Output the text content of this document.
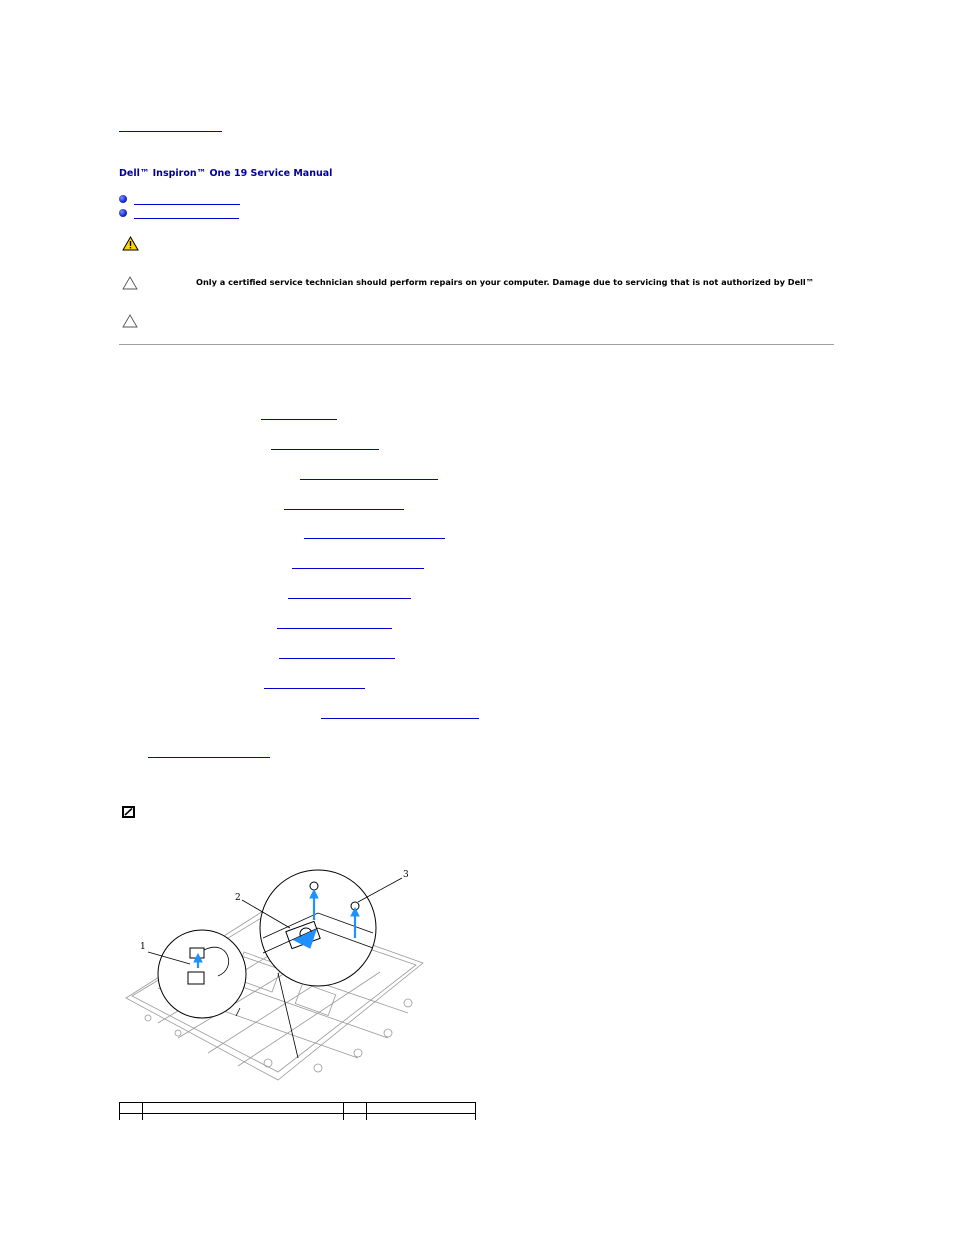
Dell™ Inspiron™ One 19 Service Manual
Only a certified service technician should perform repairs on your computer. Damage due to servicing that is not authorized by Dell™
1
2
3
